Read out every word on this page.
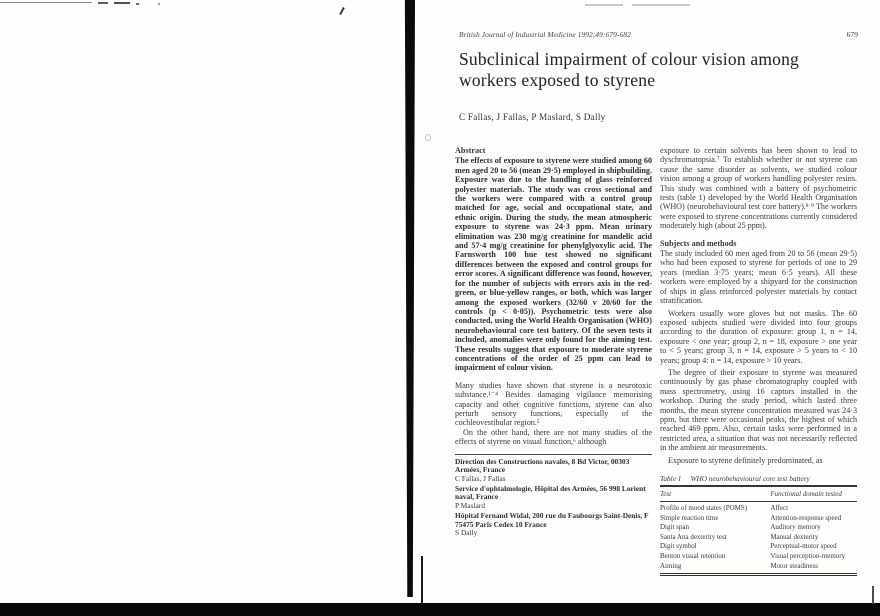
British Journal of Industrial Medicine 1992;49:679-682	679
Subclinical impairment of colour vision among workers exposed to styrene
C Fallas, J Fallas, P Maslard, S Dally
Abstract

The effects of exposure to styrene were studied among 60 men aged 20 to 56 (mean 29·5) employed in shipbuilding. Exposure was due to the handling of glass reinforced polyester materials. The study was cross sectional and the workers were compared with a control group matched for age, social and occupational state, and ethnic origin. During the study, the mean atmospheric exposure to styrene was 24·3 ppm. Mean urinary elimination was 230 mg/g creatinine for mandelic acid and 57·4 mg/g creatinine for phenylglyoxylic acid. The Farnsworth 100 hue test showed no significant differences between the exposed and control groups for error scores. A significant difference was found, however, for the number of subjects with errors axis in the red-green, or blue-yellow ranges, or both, which was larger among the exposed workers (32/60 v 20/60 for the controls (p < 0·05)). Psychometric tests were also conducted, using the World Health Organisation (WHO) neurobehavioural core test battery. Of the seven tests it included, anomalies were only found for the aiming test. These results suggest that exposure to moderate styrene concentrations of the order of 25 ppm can lead to impairment of colour vision.

Many studies have shown that styrene is a neurotoxic substance.¹⁻⁴ Besides damaging vigilance memorising capacity and other cognitive functions, styrene can also perturb sensory functions, especially of the cochleovestibular region.⁵

On the other hand, there are not many studies of the effects of styrene on visual function,⁶ although

Direction des Constructions navales, 8 Bd Victor, 00303 Armées, France

C Fallas, J Fallas

Service d'ophtalmologie, Hôpital des Armées, 56 998 Lorient naval, France

P Maslard

Hôpital Fernand Widal, 200 rue du Faubourgs Saint-Denis, F 75475 Paris Cedex 10 France

S Dally

exposure to certain solvents has been shown to lead to dyschromatopsia.⁷ To establish whether or not styrene can cause the same disorder as solvents, we studied colour vision among a group of workers handling polyester resins. This study was combined with a battery of psychometric tests (table 1) developed by the World Health Organisation (WHO) (neurobehavioural test core battery).⁸ ⁹ The workers were exposed to styrene concentrations currently considered moderately high (about 25 ppm).

Subjects and methods

The study included 60 men aged from 20 to 56 (mean 29·5) who had been exposed to styrene for periods of one to 29 years (median 3·75 years; mean 6·5 years). All these workers were employed by a shipyard for the construction of ships in glass reinforced polyester materials by contact stratification.

Workers usually wore gloves but not masks. The 60 exposed subjects studied were divided into four groups according to the duration of exposure: group 1, n = 14, exposure < one year; group 2, n = 18, exposure > one year to < 5 years; group 3, n = 14, exposure > 5 years to < 10 years; group 4: n = 14, exposure > 10 years.

The degree of their exposure to styrene was measured continuously by gas phase chromatography coupled with mass spectrometry, using 16 captors installed in the workshop. During the study period, which lasted three months, the mean styrene concentration measured was 24·3 ppm, but there were occasional peaks, the highest of which reached 469 ppm. Also, certain tasks were performed in a restricted area, a situation that was not necessarily reflected in the ambient air measurements.

Exposure to styrene definitely predominated, as

Table 1 WHO neurobehavioural core test battery
Test	Functional domain tested
Profile of mood states (POMS)	Affect
Simple reaction time	Attention-response speed
Digit span	Auditory memory
Santa Ana dexterity test	Manual dexterity
Digit symbol	Perceptual-motor speed
Benton visual retention	Visual perception-memory
Aiming	Motor steadiness
